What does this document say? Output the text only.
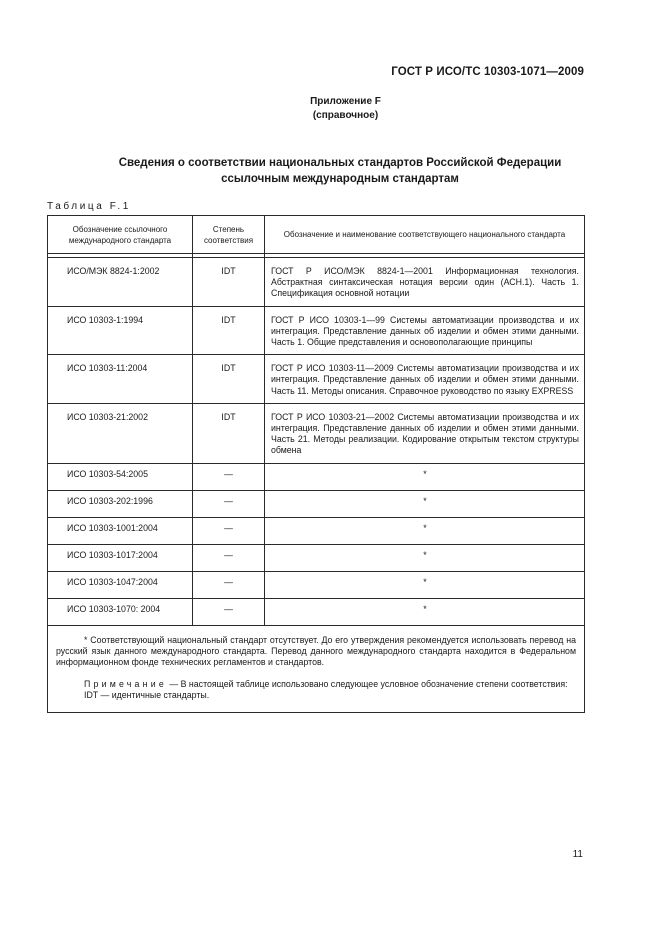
ГОСТ Р ИСО/ТС 10303-1071—2009
Приложение F
(справочное)
Сведения о соответствии национальных стандартов Российской Федерации
ссылочным международным стандартам
Таблица F.1
Обозначение ссылочного международного стандарта	Степень соответствия	Обозначение и наименование соответствующего национального стандарта

ИСО/МЭК 8824-1:2002	IDT	ГОСТ Р ИСО/МЭК 8824-1—2001 Информационная технология. Абстрактная синтаксическая нотация версии один (АСН.1). Часть 1. Спецификация основной нотации
ИСО 10303-1:1994	IDT	ГОСТ Р ИСО 10303-1—99 Системы автоматизации производства и их интеграция. Представление данных об изделии и обмен этими данными. Часть 1. Общие представления и основополагающие принципы
ИСО 10303-11:2004	IDT	ГОСТ Р ИСО 10303-11—2009 Системы автоматизации производства и их интеграция. Представление данных об изделии и обмен этими данными. Часть 11. Методы описания. Справочное руководство по языку EXPRESS
ИСО 10303-21:2002	IDT	ГОСТ Р ИСО 10303-21—2002 Системы автоматизации производства и их интеграция. Представление данных об изделии и обмен этими данными. Часть 21. Методы реализации. Кодирование открытым текстом структуры обмена
ИСО 10303-54:2005	—	*
ИСО 10303-202:1996	—	*
ИСО 10303-1001:2004	—	*
ИСО 10303-1017:2004	—	*
ИСО 10303-1047:2004	—	*
ИСО 10303-1070: 2004	—	*

* Соответствующий национальный стандарт отсутствует. До его утверждения рекомендуется использовать перевод на русский язык данного международного стандарта. Перевод данного международного стандарта находится в Федеральном информационном фонде технических регламентов и стандартов.
Примечание — В настоящей таблице использовано следующее условное обозначение степени соответствия:
IDT — идентичные стандарты.		
11
